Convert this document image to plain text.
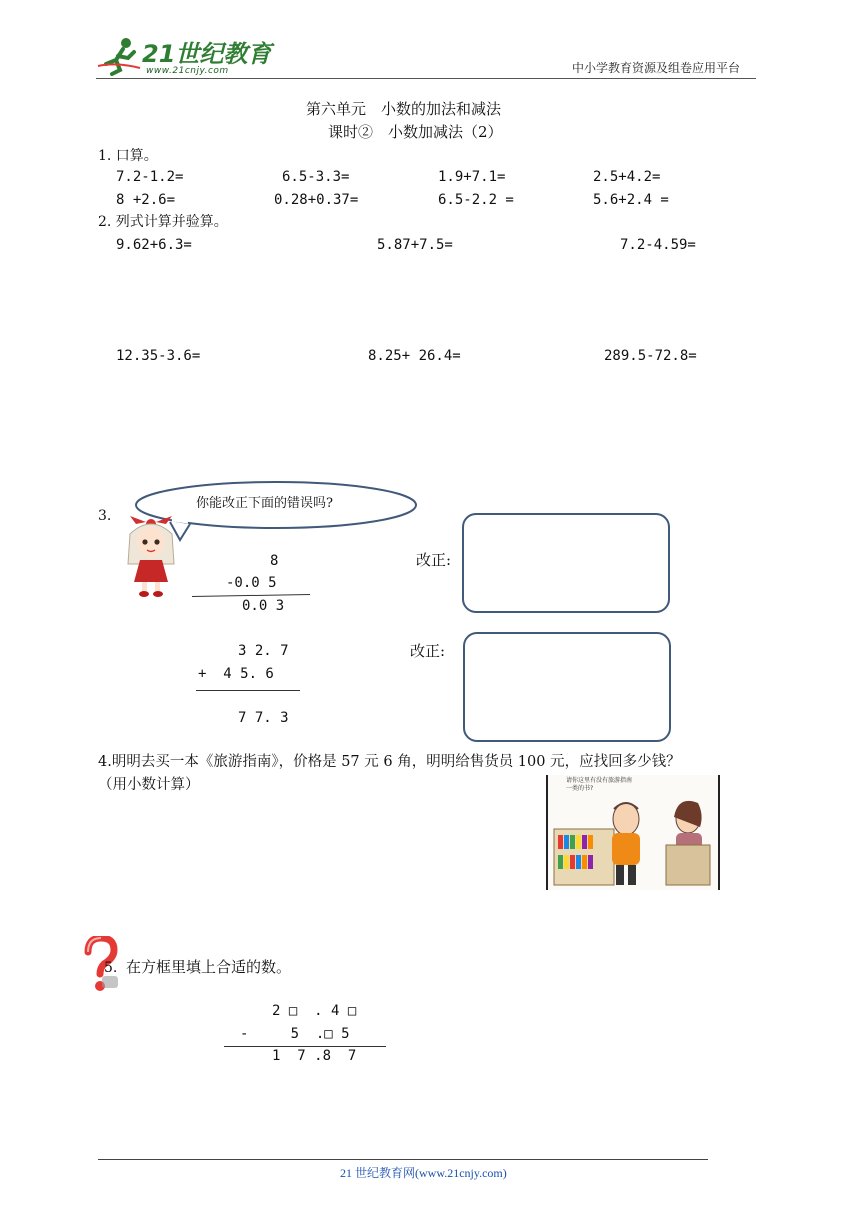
21世纪教育
www.21cnjy.com	中小学教育资源及组卷应用平台
第六单元　小数的加法和减法
课时②　小数加减法（2）
1. 口算。
7.2-1.2=	6.5-3.3=	1.9+7.1=	2.5+4.2=
8 +2.6=	0.28+0.37=	6.5-2.2 =	5.6+2.4 =
2. 列式计算并验算。
9.62+6.3=	5.87+7.5=	7.2-4.59=
12.35-3.6=	8.25+ 26.4=	289.5-72.8=
3.
你能改正下面的错误吗?
8
-0.0 5
0.0 3
改正:
3 2. 7
+  4 5. 6
7 7. 3
改正:
4.明明去买一本《旅游指南》，价格是 57 元 6 角，明明给售货员 100 元，应找回多少钱？
（用小数计算）

	请你这里有没有旅游指南一类的书?

5. 在方框里填上合适的数。
2 □  . 4 □
-     5  .□ 5
1  7 .8  7
21 世纪教育网(www.21cnjy.com)
